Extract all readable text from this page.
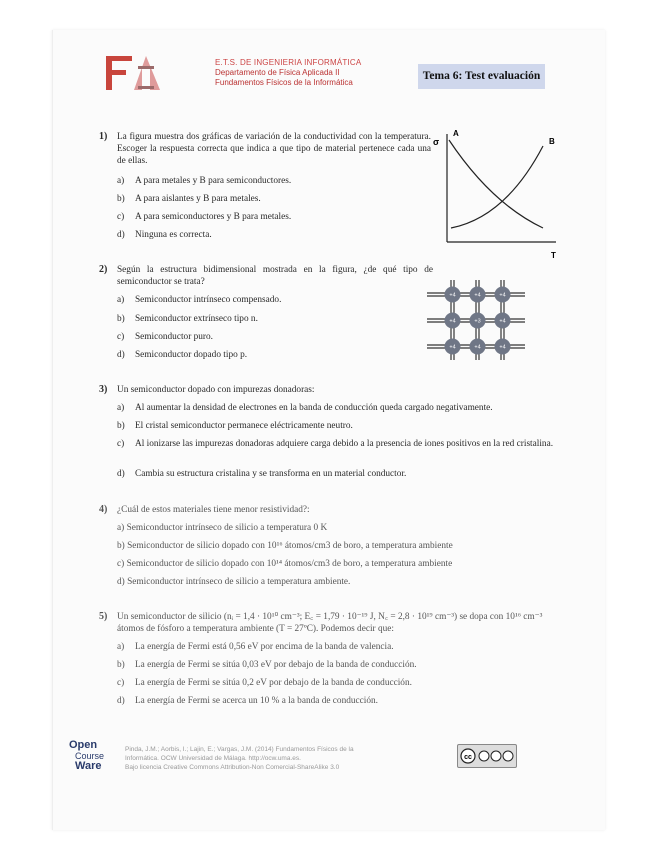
E.T.S. DE INGENIERIA INFORMÁTICA
Departamento de Física Aplicada II
Fundamentos Físicos de la Informática
Tema 6: Test evaluación
1) La figura muestra dos gráficas de variación de la conductividad con la temperatura. Escoger la respuesta correcta que indica a que tipo de material pertenece cada una de ellas.
a) A para metales y B para semiconductores.
b) A para aislantes y B para metales.
c) A para semiconductores y B para metales.
d) Ninguna es correcta.
σ
A
B
T
2) Según la estructura bidimensional mostrada en la figura, ¿de qué tipo de semiconductor se trata?
a) Semiconductor intrínseco compensado.
b) Semiconductor extrínseco tipo n.
c) Semiconductor puro.
d) Semiconductor dopado tipo p.
+4	+4	+4
+4	+3	+4
+4	+4	+4
3) Un semiconductor dopado con impurezas donadoras:
a) Al aumentar la densidad de electrones en la banda de conducción queda cargado negativamente.
b) El cristal semiconductor permanece eléctricamente neutro.
c)	Al ionizarse las impurezas donadoras adquiere carga debido a la presencia de iones positivos en la red cristalina.
d) Cambia su estructura cristalina y se transforma en un material conductor.
4) ¿Cuál de estos materiales tiene menor resistividad?:
a) Semiconductor intrínseco de silicio a temperatura 0 K
b) Semiconductor de silicio dopado con 10¹⁶ átomos/cm3 de boro, a temperatura ambiente
c) Semiconductor de silicio dopado con 10¹⁴ átomos/cm3 de boro, a temperatura ambiente
d) Semiconductor intrínseco de silicio a temperatura ambiente.
5) Un semiconductor de silicio (nᵢ = 1,4 · 10¹⁰ cm⁻³; E꜀ = 1,79 · 10⁻¹⁹ J, N꜀ = 2,8 · 10¹⁹ cm⁻³) se dopa con 10¹⁶ cm⁻³ átomos de fósforo a temperatura ambiente (T = 27ºC). Podemos decir que:
a) La energía de Fermi está 0,56 eV por encima de la banda de valencia.
b) La energía de Fermi se sitúa 0,03 eV por debajo de la banda de conducción.
c) La energía de Fermi se sitúa 0,2 eV por debajo de la banda de conducción.
d) La energía de Fermi se acerca un 10 % a la banda de conducción.
Open
Course
Ware
Pinda, J.M.; Aorbis, I.; Lajin, E.; Vargas, J.M. (2014) Fundamentos Físicos de la
Informática. OCW Universidad de Málaga. http://ocw.uma.es.
Bajo licencia Creative Commons Attribution-Non Comercial-ShareAlike 3.0
cc
